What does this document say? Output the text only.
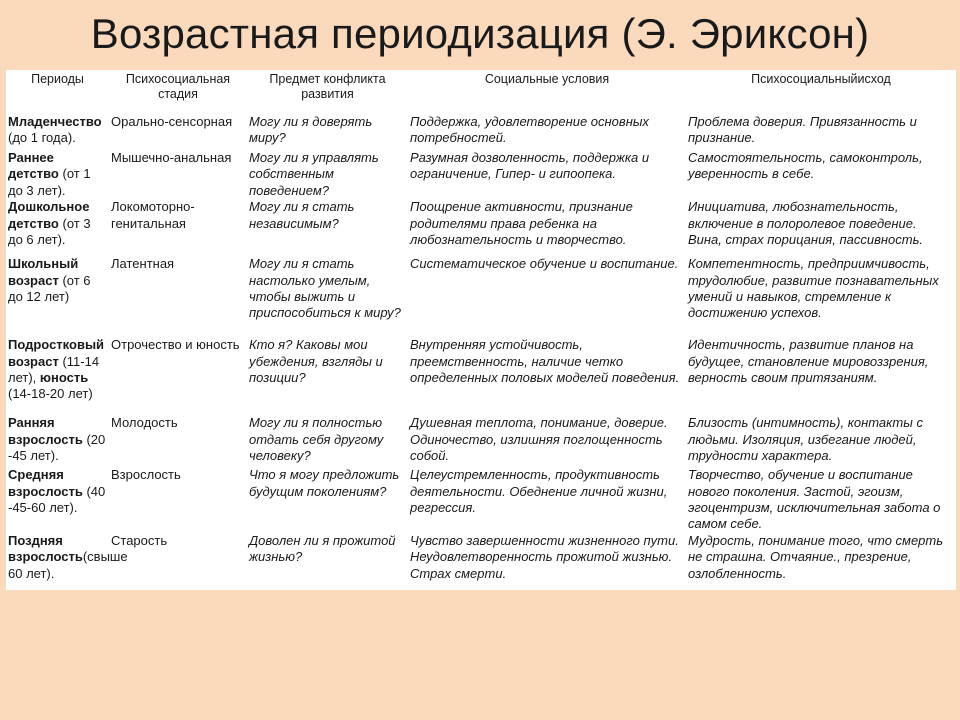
Возрастная периодизация (Э. Эриксон)
Периоды	Психосоциальная стадия	Предмет конфликта развития	Социальные условия	Психосоциальныйисход
Младенчество (до 1 года).	Орально-сенсорная	Могу ли я доверять миру?	Поддержка, удовлетворение основных потребностей.	Проблема доверия. Привязанность и признание.
Раннее детство (от 1 до 3 лет).	Мышечно-анальная	Могу ли я управлять собственным поведением?	Разумная дозволенность, поддержка и ограничение, Гипер- и гипоопека.	Самостоятельность, самоконтроль, уверенность в себе.
Дошкольное детство (от 3 до 6 лет).	Локомоторно-генитальная	Могу ли я стать независимым?	Поощрение активности, признание родителями права ребенка на любознательность и творчество.	Инициатива, любознательность, включение в полоролевое поведение. Вина, страх порицания, пассивность.
Школьный возраст (от 6 до 12 лет)	Латентная	Могу ли я стать настолько умелым, чтобы выжить и приспособиться к миру?	Систематическое обучение и воспитание.	Компетентность, предприимчивость, трудолюбие, развитие познавательных умений и навыков, стремление к достижению успехов.
Подростковый возраст (11-14 лет), юность (14-18-20 лет)	Отрочество и юность	Кто я? Каковы мои убеждения, взгляды и позиции?	Внутренняя устойчивость, преемственность, наличие четко определенных половых моделей поведения.	Идентичность, развитие планов на будущее, становление мировоззрения, верность своим притязаниям.
Ранняя взрослость (20 -45 лет).	Молодость	Могу ли я полностью отдать себя другому человеку?	Душевная теплота, понимание, доверие. Одиночество, излишняя поглощенность собой.	Близость (интимность), контакты с людьми. Изоляция, избегание людей, трудности характера.
Средняя взрослость (40 -45-60 лет).	Взрослость	Что я могу предложить будущим поколениям?	Целеустремленность, продуктивность деятельности. Обеднение личной жизни, регрессия.	Творчество, обучение и воспитание нового поколения. Застой, эгоизм, эгоцентризм, исключительная забота о самом себе.
Поздняя взрослость(свыше 60 лет).	Старость	Доволен ли я прожитой жизнью?	Чувство завершенности жизненного пути. Неудовлетворенность прожитой жизнью. Страх смерти.	Мудрость, понимание того, что смерть не страшна. Отчаяние., презрение, озлобленность.
